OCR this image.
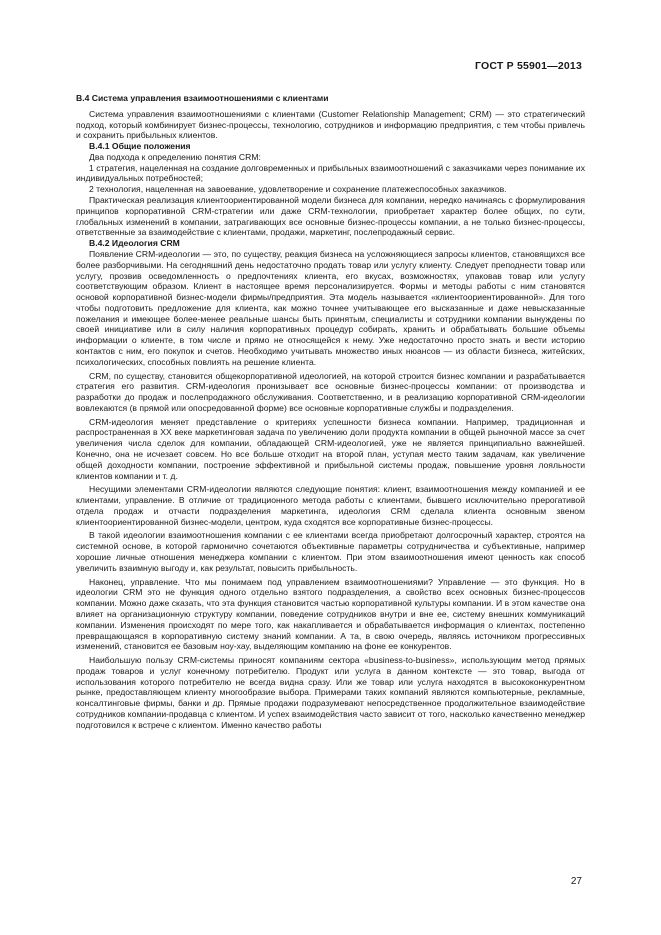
ГОСТ Р 55901—2013

В.4 Система управления взаимоотношениями с клиентами

Система управления взаимоотношениями с клиентами (Customer Relationship Management; CRM) — это стратегический подход, который комбинирует бизнес-процессы, технологию, сотрудников и информацию предприятия, с тем чтобы привлечь и сохранить прибыльных клиентов.

В.4.1 Общие положения

Два подхода к определению понятия CRM:

1 стратегия, нацеленная на создание долговременных и прибыльных взаимоотношений с заказчиками через понимание их индивидуальных потребностей;

2 технология, нацеленная на завоевание, удовлетворение и сохранение платежеспособных заказчиков.

Практическая реализация клиентоориентированной модели бизнеса для компании, нередко начинаясь с формулирования принципов корпоративной CRM-стратегии или даже CRM-технологии, приобретает характер более общих, по сути, глобальных изменений в компании, затрагивающих все основные бизнес-процессы компании, а не только бизнес-процессы, ответственные за взаимодействие с клиентами, продажи, маркетинг, послепродажный сервис.

В.4.2 Идеология CRM

Появление CRM-идеологии — это, по существу, реакция бизнеса на усложняющиеся запросы клиентов, становящихся все более разборчивыми. На сегодняшний день недостаточно продать товар или услугу клиенту. Следует преподнести товар или услугу, прозвив осведомленность о предпочтениях клиента, его вкусах, возможностях, упаковав товар или услугу соответствующим образом. Клиент в настоящее время персонализируется. Формы и методы работы с ним становятся основой корпоративной бизнес-модели фирмы/предприятия. Эта модель называется «клиентоориентированной». Для того чтобы подготовить предложение для клиента, как можно точнее учитывающее его высказанные и даже невысказанные пожелания и имеющее более-менее реальные шансы быть принятым, специалисты и сотрудники компании вынуждены по своей инициативе или в силу наличия корпоративных процедур собирать, хранить и обрабатывать большие объемы информации о клиенте, в том числе и прямо не относящейся к нему. Уже недостаточно просто знать и вести историю контактов с ним, его покупок и счетов. Необходимо учитывать множество иных нюансов — из области бизнеса, житейских, психологических, способных повлиять на решение клиента.

CRM, по существу, становится общекорпоративной идеологией, на которой строится бизнес компании и разрабатывается стратегия его развития. CRM-идеология пронизывает все основные бизнес-процессы компании: от производства и разработки до продаж и послепродажного обслуживания. Соответственно, и в реализацию корпоративной CRM-идеологии вовлекаются (в прямой или опосредованной форме) все основные корпоративные службы и подразделения.

CRM-идеология меняет представление о критериях успешности бизнеса компании. Например, традиционная и распространенная в XX веке маркетинговая задача по увеличению доли продукта компании в общей рыночной массе за счет увеличения числа сделок для компании, обладающей CRM-идеологией, уже не является принципиально важнейшей. Конечно, она не исчезает совсем. Но все больше отходит на второй план, уступая место таким задачам, как увеличение общей доходности компании, построение эффективной и прибыльной системы продаж, повышение уровня лояльности клиентов компании и т. д.

Несущими элементами CRM-идеологии являются следующие понятия: клиент, взаимоотношения между компанией и ее клиентами, управление. В отличие от традиционного метода работы с клиентами, бывшего исключительно прерогативой отдела продаж и отчасти подразделения маркетинга, идеология CRM сделала клиента основным звеном клиентоориентированной бизнес-модели, центром, куда сходятся все корпоративные бизнес-процессы.

В такой идеологии взаимоотношения компании с ее клиентами всегда приобретают долгосрочный характер, строятся на системной основе, в которой гармонично сочетаются объективные параметры сотрудничества и субъективные, например хорошие личные отношения менеджера компании с клиентом. При этом взаимоотношения имеют ценность как способ увеличить взаимную выгоду и, как результат, повысить прибыльность.

Наконец, управление. Что мы понимаем под управлением взаимоотношениями? Управление — это функция. Но в идеологии CRM это не функция одного отдельно взятого подразделения, а свойство всех основных бизнес-процессов компании. Можно даже сказать, что эта функция становится частью корпоративной культуры компании. И в этом качестве она влияет на организационную структуру компании, поведение сотрудников внутри и вне ее, систему внешних коммуникаций компании. Изменения происходят по мере того, как накапливается и обрабатывается информация о клиентах, постепенно превращающаяся в корпоративную систему знаний компании. А та, в свою очередь, являясь источником прогрессивных изменений, становится ее базовым ноу-хау, выделяющим компанию на фоне ее конкурентов.

Наибольшую пользу CRM-системы приносят компаниям сектора «business-to-business», использующим метод прямых продаж товаров и услуг конечному потребителю. Продукт или услуга в данном контексте — это товар, выгода от использования которого потребителю не всегда видна сразу. Или же товар или услуга находятся в высококонкурентном рынке, предоставляющем клиенту многообразие выбора. Примерами таких компаний являются компьютерные, рекламные, консалтинговые фирмы, банки и др. Прямые продажи подразумевают непосредственное продолжительное взаимодействие сотрудников компании-продавца с клиентом. И успех взаимодействия часто зависит от того, насколько качественно менеджер подготовился к встрече с клиентом. Именно качество работы

27
